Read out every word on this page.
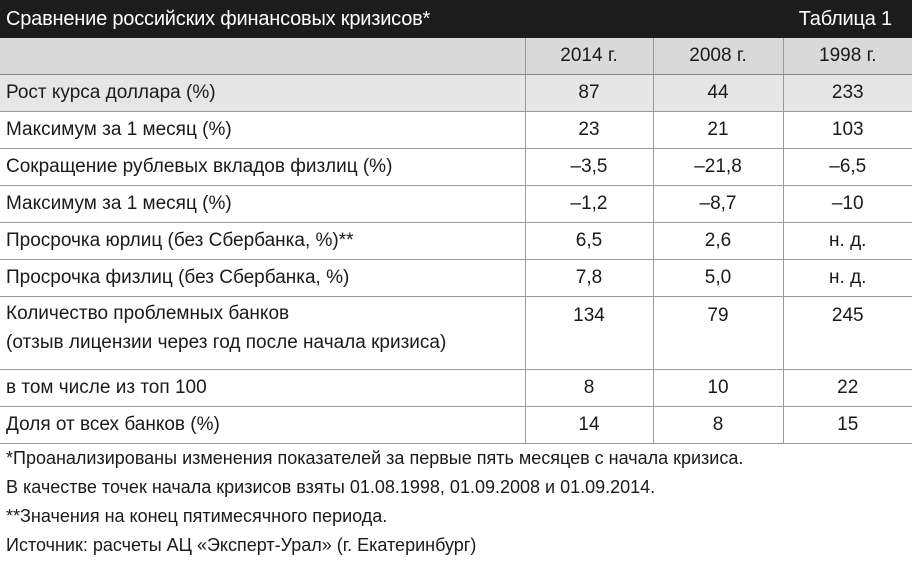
Сравнение российских финансовых кризисов*	Таблица 1
	2014 г.	2008 г.	1998 г.
Рост курса доллара (%)	87	44	233
Максимум за 1 месяц (%)	23	21	103
Сокращение рублевых вкладов физлиц (%)	–3,5	–21,8	–6,5
Максимум за 1 месяц (%)	–1,2	–8,7	–10
Просрочка юрлиц (без Сбербанка, %)**	6,5	2,6	н. д.
Просрочка физлиц (без Сбербанка, %)	7,8	5,0	н. д.

Количество проблемных банков
(отзыв лицензии через год после начала кризиса)	134	79	245
в том числе из топ 100	8	10	22
Доля от всех банков (%)	14	8	15
*Проанализированы изменения показателей за первые пять месяцев с начала кризиса.
В качестве точек начала кризисов взяты 01.08.1998, 01.09.2008 и 01.09.2014.
**Значения на конец пятимесячного периода.
Источник: расчеты АЦ «Эксперт-Урал» (г. Екатеринбург)
